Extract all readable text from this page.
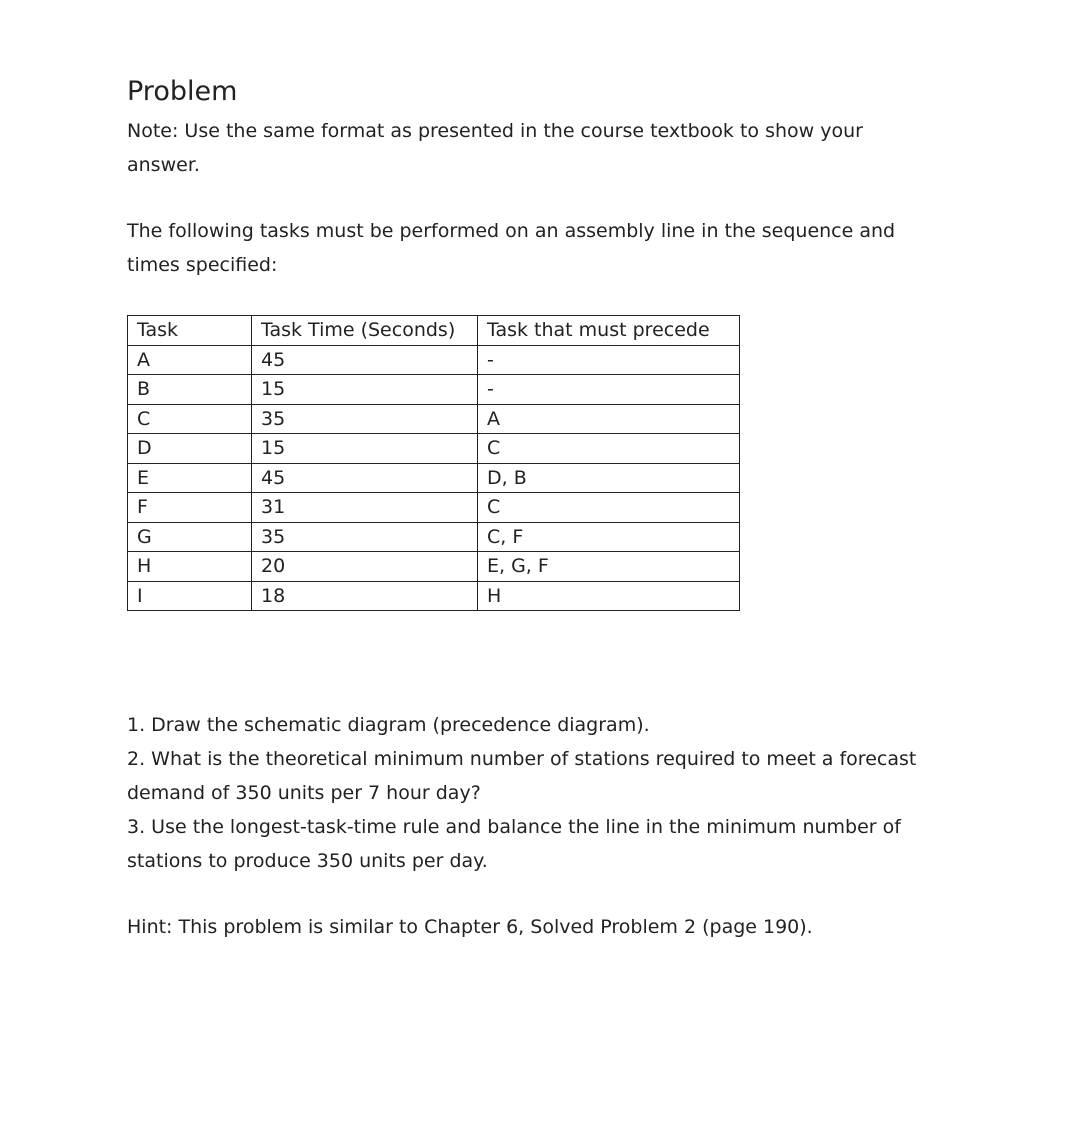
Problem

Note: Use the same format as presented in the course textbook to show your answer.

The following tasks must be performed on an assembly line in the sequence and times specified:

Task	Task Time (Seconds)	Task that must precede
A	45	-
B	15	-
C	35	A
D	15	C
E	45	D, B
F	31	C
G	35	C, F
H	20	E, G, F
I	18	H
1. Draw the schematic diagram (precedence diagram).
2. What is the theoretical minimum number of stations required to meet a forecast demand of 350 units per 7 hour day?
3. Use the longest-task-time rule and balance the line in the minimum number of stations to produce 350 units per day.

Hint: This problem is similar to Chapter 6, Solved Problem 2 (page 190).
